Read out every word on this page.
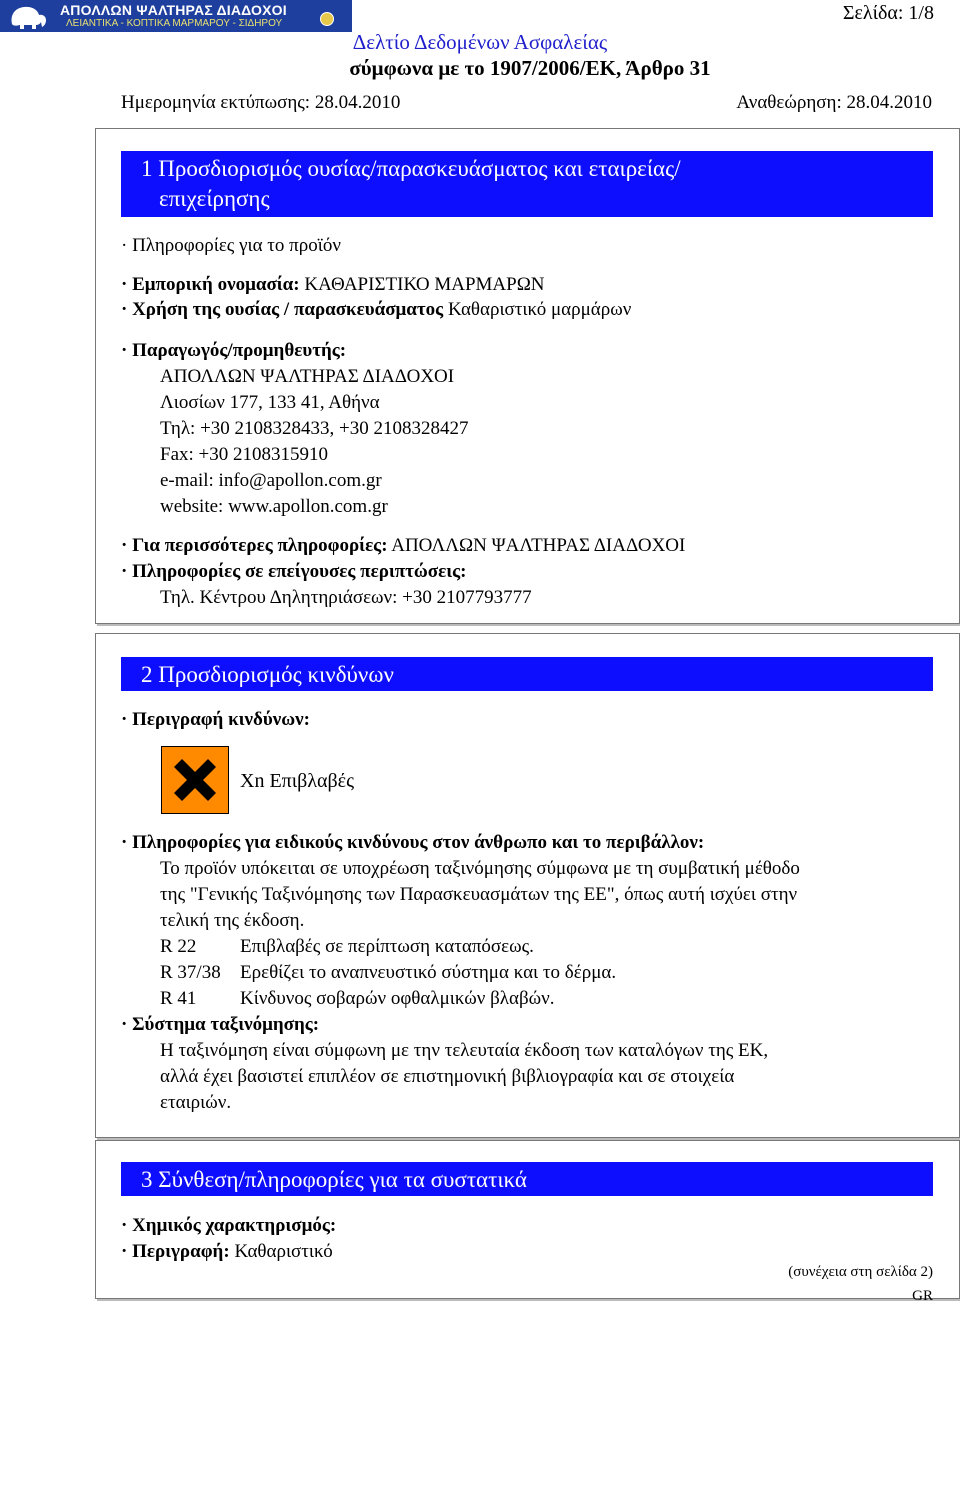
ΑΠΟΛΛΩΝ ΨΑΛΤΗΡΑΣ ΔΙΑΔΟΧΟΙ
ΛΕΙΑΝΤΙΚΑ - ΚΟΠΤΙΚΑ ΜΑΡΜΑΡΟΥ - ΣΙΔΗΡΟΥ	Σελίδα: 1/8
Δελτίο Δεδομένων Ασφαλείας
σύμφωνα με το 1907/2006/ΕΚ, Άρθρο 31
Ημερομηνία εκτύπωσης: 28.04.2010	Αναθεώρηση: 28.04.2010
1 Προσδιορισμός ουσίας/παρασκευάσματος και εταιρείας/
επιχείρησης
· Πληροφορίες για το προϊόν
· Εμπορική ονομασία: ΚΑΘΑΡΙΣΤΙΚΟ ΜΑΡΜΑΡΩΝ
· Χρήση της ουσίας / παρασκευάσματος Καθαριστικό μαρμάρων
· Παραγωγός/προμηθευτής:
ΑΠΟΛΛΩΝ ΨΑΛΤΗΡΑΣ ΔΙΑΔΟΧΟΙ
Λιοσίων 177, 133 41, Αθήνα
Τηλ: +30 2108328433, +30 2108328427
Fax: +30 2108315910
e-mail: info@apollon.com.gr
website: www.apollon.com.gr
· Για περισσότερες πληροφορίες: ΑΠΟΛΛΩΝ ΨΑΛΤΗΡΑΣ ΔΙΑΔΟΧΟΙ
· Πληροφορίες σε επείγουσες περιπτώσεις:
Τηλ. Κέντρου Δηλητηριάσεων: +30 2107793777
2 Προσδιορισμός κινδύνων
· Περιγραφή κινδύνων:
Xn Επιβλαβές
· Πληροφορίες για ειδικούς κινδύνους στον άνθρωπο και το περιβάλλον:
Το προϊόν υπόκειται σε υποχρέωση ταξινόμησης σύμφωνα με τη συμβατική μέθοδο
της "Γενικής Ταξινόμησης των Παρασκευασμάτων της ΕΕ", όπως αυτή ισχύει στην
τελική της έκδοση.
R 22 Επιβλαβές σε περίπτωση καταπόσεως.
R 37/38 Ερεθίζει το αναπνευστικό σύστημα και το δέρμα.
R 41 Κίνδυνος σοβαρών οφθαλμικών βλαβών.
· Σύστημα ταξινόμησης:
Η ταξινόμηση είναι σύμφωνη με την τελευταία έκδοση των καταλόγων της ΕΚ,
αλλά έχει βασιστεί επιπλέον σε επιστημονική βιβλιογραφία και σε στοιχεία
εταιριών.
3 Σύνθεση/πληροφορίες για τα συστατικά
· Χημικός χαρακτηρισμός:
· Περιγραφή: Καθαριστικό
(συνέχεια στη σελίδα 2)
GR
